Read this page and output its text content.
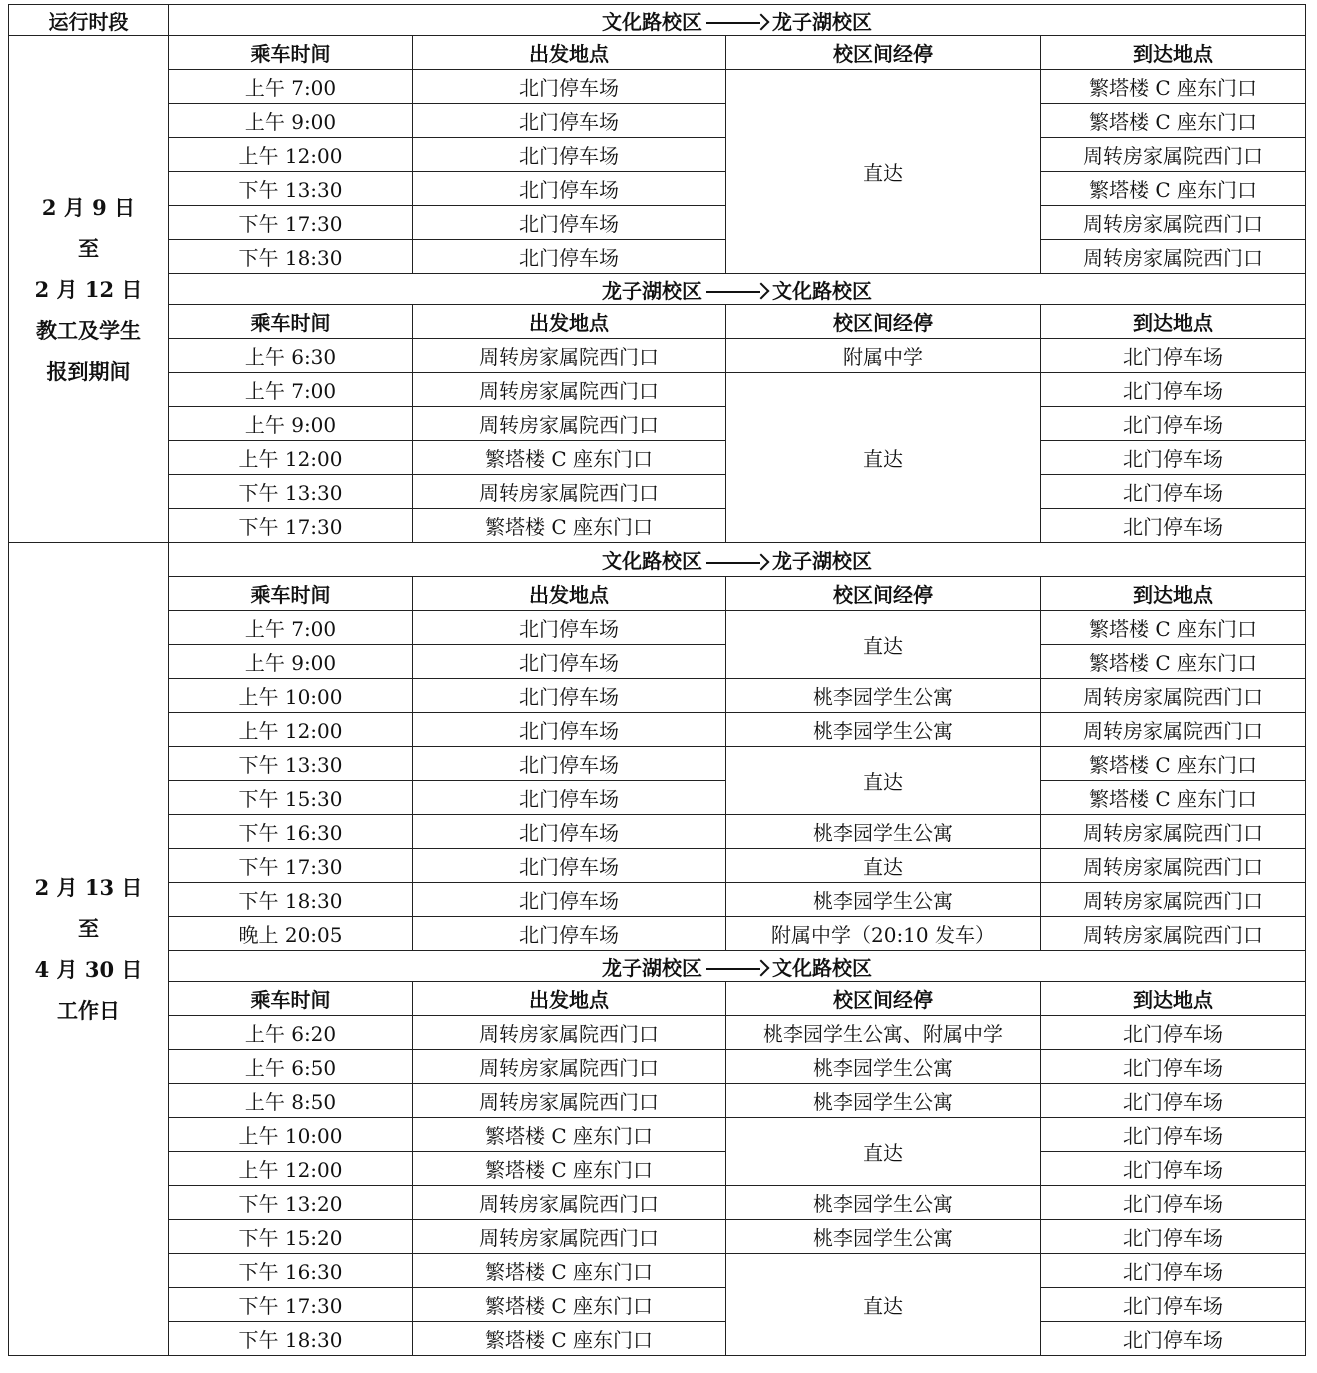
运行时段	文化路校区 龙子湖校区			

2 月 9 日
至
2 月 12 日
教工及学生
报到期间	乘车时间	出发地点	校区间经停	到达地点
	上午 7:00	北门停车场	直达	繁塔楼 C 座东门口
	上午 9:00	北门停车场		繁塔楼 C 座东门口
	上午 12:00	北门停车场		周转房家属院西门口
	下午 13:30	北门停车场		繁塔楼 C 座东门口
	下午 17:30	北门停车场		周转房家属院西门口
	下午 18:30	北门停车场		周转房家属院西门口
	龙子湖校区 文化路校区			
	乘车时间	出发地点	校区间经停	到达地点
	上午 6:30	周转房家属院西门口	附属中学	北门停车场
	上午 7:00	周转房家属院西门口	直达	北门停车场
	上午 9:00	周转房家属院西门口		北门停车场
	上午 12:00	繁塔楼 C 座东门口		北门停车场
	下午 13:30	周转房家属院西门口		北门停车场
	下午 17:30	繁塔楼 C 座东门口		北门停车场

2 月 13 日
至
4 月 30 日
工作日	文化路校区 龙子湖校区			
	乘车时间	出发地点	校区间经停	到达地点
	上午 7:00	北门停车场	直达	繁塔楼 C 座东门口
	上午 9:00	北门停车场		繁塔楼 C 座东门口
	上午 10:00	北门停车场	桃李园学生公寓	周转房家属院西门口
	上午 12:00	北门停车场	桃李园学生公寓	周转房家属院西门口
	下午 13:30	北门停车场	直达	繁塔楼 C 座东门口
	下午 15:30	北门停车场		繁塔楼 C 座东门口
	下午 16:30	北门停车场	桃李园学生公寓	周转房家属院西门口
	下午 17:30	北门停车场	直达	周转房家属院西门口
	下午 18:30	北门停车场	桃李园学生公寓	周转房家属院西门口
	晚上 20:05	北门停车场	附属中学（20:10 发车）	周转房家属院西门口
	龙子湖校区 文化路校区			
	乘车时间	出发地点	校区间经停	到达地点
	上午 6:20	周转房家属院西门口	桃李园学生公寓、附属中学	北门停车场
	上午 6:50	周转房家属院西门口	桃李园学生公寓	北门停车场
	上午 8:50	周转房家属院西门口	桃李园学生公寓	北门停车场
	上午 10:00	繁塔楼 C 座东门口	直达	北门停车场
	上午 12:00	繁塔楼 C 座东门口		北门停车场
	下午 13:20	周转房家属院西门口	桃李园学生公寓	北门停车场
	下午 15:20	周转房家属院西门口	桃李园学生公寓	北门停车场
	下午 16:30	繁塔楼 C 座东门口	直达	北门停车场
	下午 17:30	繁塔楼 C 座东门口		北门停车场
	下午 18:30	繁塔楼 C 座东门口		北门停车场
